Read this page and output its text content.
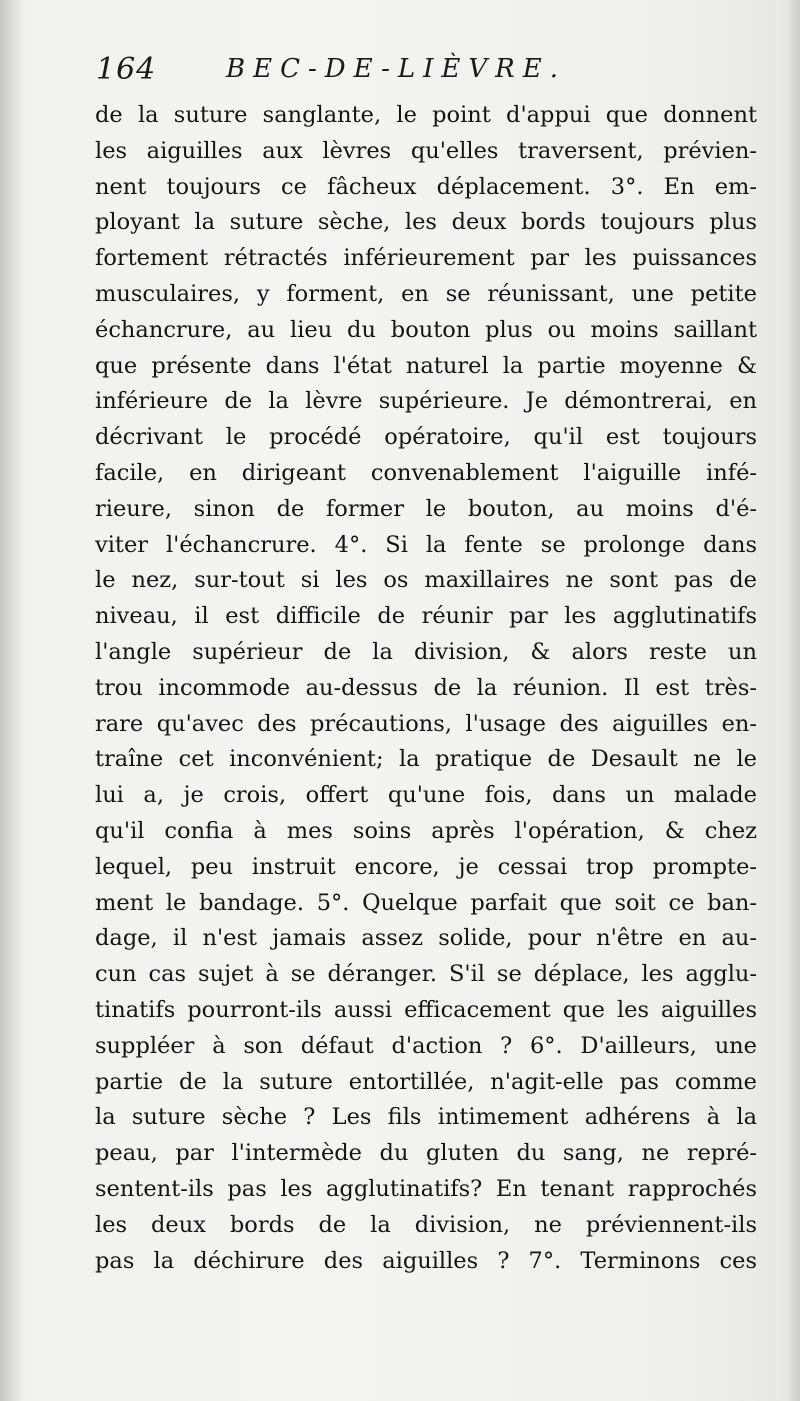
164	BEC-DE-LIÈVRE.
de la suture sanglante, le point d'appui que donnent
les aiguilles aux lèvres qu'elles traversent, prévien-
nent toujours ce fâcheux déplacement. 3°. En em-
ployant la suture sèche, les deux bords toujours plus
fortement rétractés inférieurement par les puissances
musculaires, y forment, en se réunissant, une petite
échancrure, au lieu du bouton plus ou moins saillant
que présente dans l'état naturel la partie moyenne &
inférieure de la lèvre supérieure. Je démontrerai, en
décrivant le procédé opératoire, qu'il est toujours
facile, en dirigeant convenablement l'aiguille infé-
rieure, sinon de former le bouton, au moins d'é-
viter l'échancrure. 4°. Si la fente se prolonge dans
le nez, sur-tout si les os maxillaires ne sont pas de
niveau, il est difficile de réunir par les agglutinatifs
l'angle supérieur de la division, & alors reste un
trou incommode au-dessus de la réunion. Il est très-
rare qu'avec des précautions, l'usage des aiguilles en-
traîne cet inconvénient; la pratique de Desault ne le
lui a, je crois, offert qu'une fois, dans un malade
qu'il confia à mes soins après l'opération, & chez
lequel, peu instruit encore, je cessai trop prompte-
ment le bandage. 5°. Quelque parfait que soit ce ban-
dage, il n'est jamais assez solide, pour n'être en au-
cun cas sujet à se déranger. S'il se déplace, les agglu-
tinatifs pourront-ils aussi efficacement que les aiguilles
suppléer à son défaut d'action ? 6°. D'ailleurs, une
partie de la suture entortillée, n'agit-elle pas comme
la suture sèche ? Les fils intimement adhérens à la
peau, par l'intermède du gluten du sang, ne repré-
sentent-ils pas les agglutinatifs? En tenant rapprochés
les deux bords de la division, ne préviennent-ils
pas la déchirure des aiguilles ? 7°. Terminons ces
